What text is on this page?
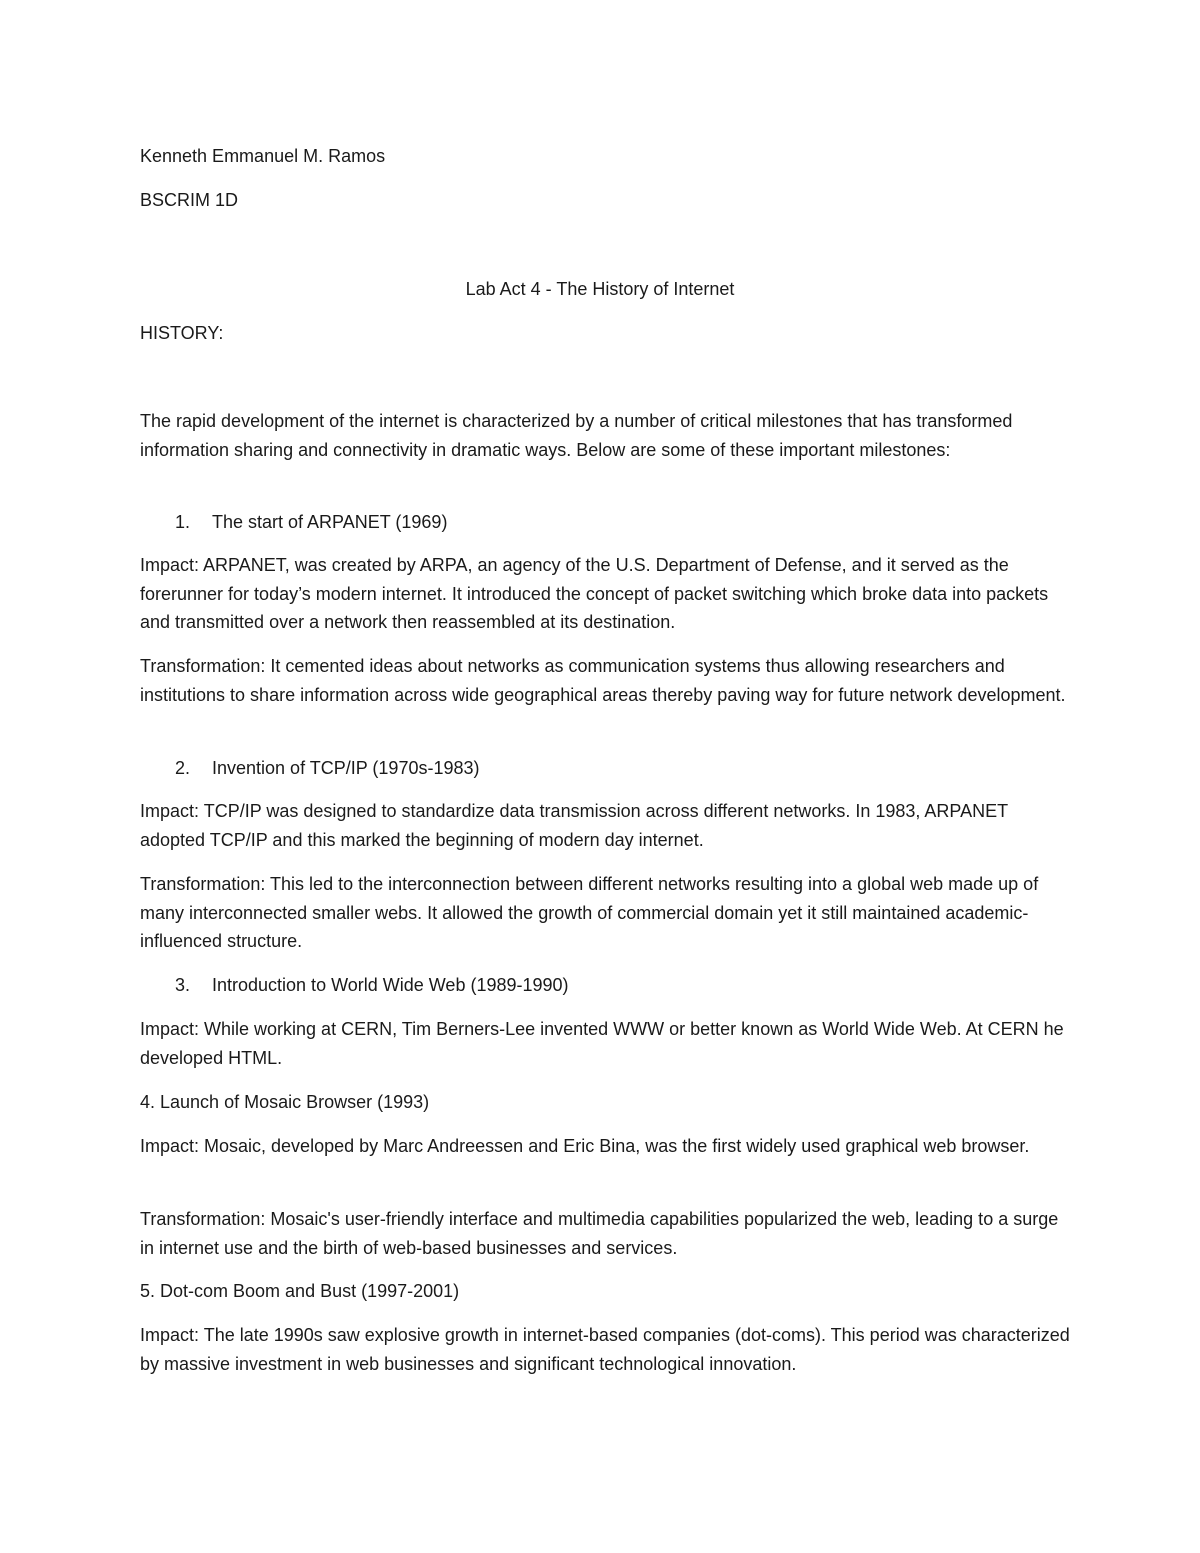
Kenneth Emmanuel M. Ramos
BSCRIM 1D
Lab Act 4 - The History of Internet
HISTORY:
The rapid development of the internet is characterized by a number of critical milestones that has transformed information sharing and connectivity in dramatic ways. Below are some of these important milestones:
1. The start of ARPANET (1969)
Impact: ARPANET, was created by ARPA, an agency of the U.S. Department of Defense, and it served as the forerunner for today’s modern internet. It introduced the concept of packet switching which broke data into packets and transmitted over a network then reassembled at its destination.
Transformation: It cemented ideas about networks as communication systems thus allowing researchers and institutions to share information across wide geographical areas thereby paving way for future network development.
2. Invention of TCP/IP (1970s-1983)
Impact: TCP/IP was designed to standardize data transmission across different networks. In 1983, ARPANET adopted TCP/IP and this marked the beginning of modern day internet.
Transformation: This led to the interconnection between different networks resulting into a global web made up of many interconnected smaller webs. It allowed the growth of commercial domain yet it still maintained academic-influenced structure.
3. Introduction to World Wide Web (1989-1990)
Impact: While working at CERN, Tim Berners-Lee invented WWW or better known as World Wide Web. At CERN he developed HTML.
4. Launch of Mosaic Browser (1993)
Impact: Mosaic, developed by Marc Andreessen and Eric Bina, was the first widely used graphical web browser.
Transformation: Mosaic's user-friendly interface and multimedia capabilities popularized the web, leading to a surge in internet use and the birth of web-based businesses and services.
5. Dot-com Boom and Bust (1997-2001)
Impact: The late 1990s saw explosive growth in internet-based companies (dot-coms). This period was characterized by massive investment in web businesses and significant technological innovation.
